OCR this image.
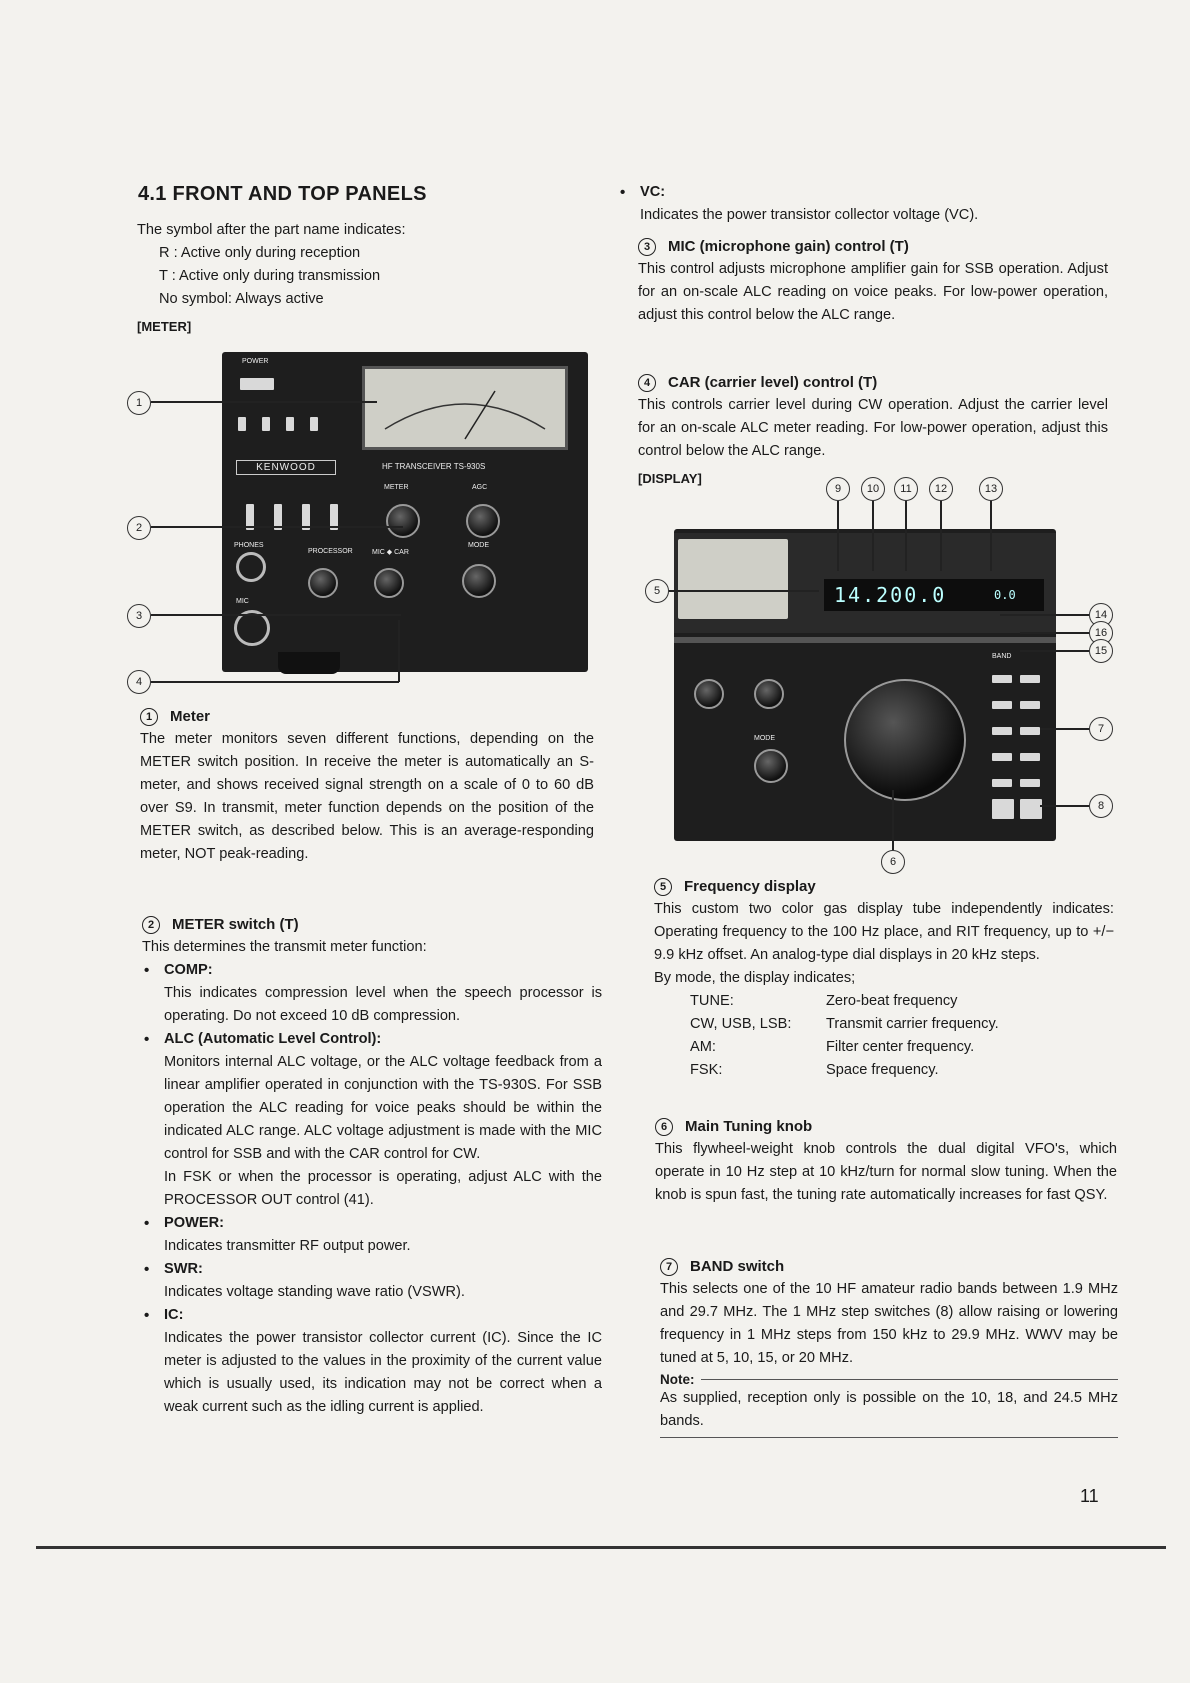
4.1 FRONT AND TOP PANELS

The symbol after the part name indicates:

R : Active only during reception

T : Active only during transmission

No symbol: Always active

[METER]

POWER
KENWOOD	HF TRANSCEIVER TS-930S
METER	AGC
PHONES
PROCESSOR	MIC ◆ CAR
MODE
MIC
1
2
3
4

1 Meter

The meter monitors seven different functions, depending on the METER switch position. In receive the meter is automatically an S-meter, and shows received signal strength on a scale of 0 to 60 dB over S9. In transmit, meter function depends on the position of the METER switch, as described below. This is an average-responding meter, NOT peak-reading.

2 METER switch (T)

This determines the transmit meter function:

• COMP:

This indicates compression level when the speech processor is operating. Do not exceed 10 dB compression.

• ALC (Automatic Level Control):

Monitors internal ALC voltage, or the ALC voltage feedback from a linear amplifier operated in conjunction with the TS-930S. For SSB operation the ALC reading for voice peaks should be within the indicated ALC range. ALC voltage adjustment is made with the MIC control for SSB and with the CAR control for CW.

In FSK or when the processor is operating, adjust ALC with the PROCESSOR OUT control (41).

• POWER:

Indicates transmitter RF output power.

• SWR:

Indicates voltage standing wave ratio (VSWR).

• IC:

Indicates the power transistor collector current (IC). Since the IC meter is adjusted to the values in the proximity of the current value which is usually used, its indication may not be correct when a weak current such as the idling current is applied.

• VC:

Indicates the power transistor collector voltage (VC).

3 MIC (microphone gain) control (T)

This control adjusts microphone amplifier gain for SSB operation. Adjust for an on-scale ALC reading on voice peaks. For low-power operation, adjust this control below the ALC range.

4 CAR (carrier level) control (T)

This controls carrier level during CW operation. Adjust the carrier level for an on-scale ALC meter reading. For low-power operation, adjust this control below the ALC range.

[DISPLAY]

14.200.0	0.0
MODE
BAND
9	10	11	12	13
5
14
16
15
7
8
6

5 Frequency display

This custom two color gas display tube independently indicates: Operating frequency to the 100 Hz place, and RIT frequency, up to +/− 9.9 kHz offset. An analog-type dial displays in 20 kHz steps.

By mode, the display indicates;

TUNE:	Zero-beat frequency
CW, USB, LSB:	Transmit carrier frequency.
AM:	Filter center frequency.
FSK:	Space frequency.

6 Main Tuning knob

This flywheel-weight knob controls the dual digital VFO's, which operate in 10 Hz step at 10 kHz/turn for normal slow tuning. When the knob is spun fast, the tuning rate automatically increases for fast QSY.

7 BAND switch

This selects one of the 10 HF amateur radio bands between 1.9 MHz and 29.7 MHz. The 1 MHz step switches (8) allow raising or lowering frequency in 1 MHz steps from 150 kHz to 29.9 MHz. WWV may be tuned at 5, 10, 15, or 20 MHz.

Note:

As supplied, reception only is possible on the 10, 18, and 24.5 MHz bands.

11
